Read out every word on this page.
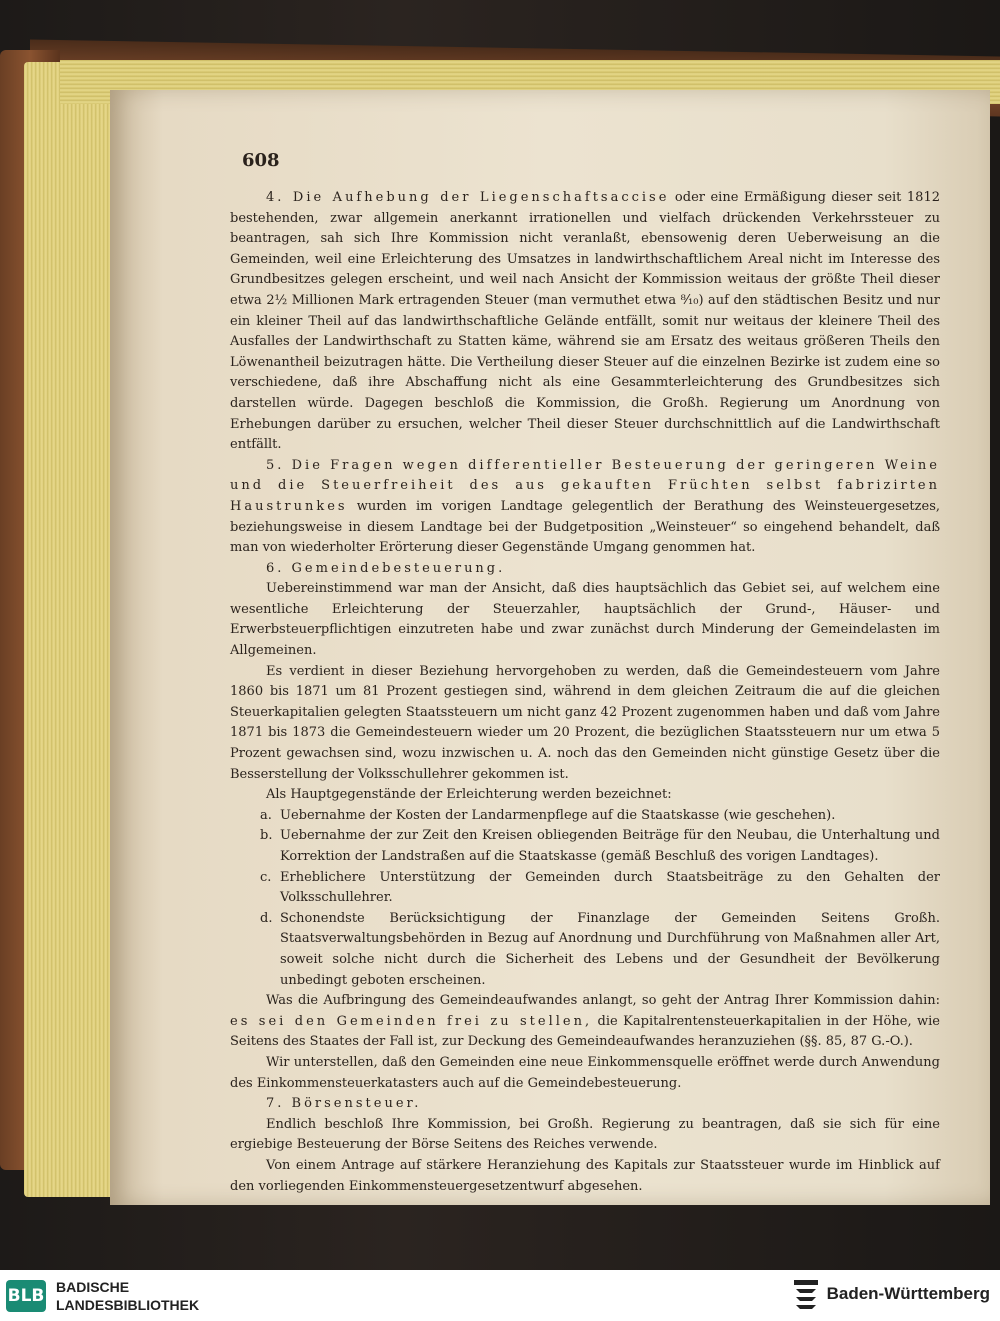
608

4. Die Aufhebung der Liegenschaftsaccise oder eine Ermäßigung dieser seit 1812 bestehenden, zwar allgemein anerkannt irrationellen und vielfach drückenden Verkehrssteuer zu beantragen, sah sich Ihre Kommission nicht veranlaßt, ebensowenig deren Ueberweisung an die Gemeinden, weil eine Erleichterung des Umsatzes in landwirthschaftlichem Areal nicht im Interesse des Grundbesitzes gelegen erscheint, und weil nach Ansicht der Kommission weitaus der größte Theil dieser etwa 2½ Millionen Mark ertragenden Steuer (man vermuthet etwa ⁸⁄₁₀) auf den städtischen Besitz und nur ein kleiner Theil auf das landwirthschaftliche Gelände entfällt, somit nur weitaus der kleinere Theil des Ausfalles der Landwirthschaft zu Statten käme, während sie am Ersatz des weitaus größeren Theils den Löwenantheil beizutragen hätte. Die Vertheilung dieser Steuer auf die einzelnen Bezirke ist zudem eine so verschiedene, daß ihre Abschaffung nicht als eine Gesammterleichterung des Grundbesitzes sich darstellen würde. Dagegen beschloß die Kommission, die Großh. Regierung um Anordnung von Erhebungen darüber zu ersuchen, welcher Theil dieser Steuer durchschnittlich auf die Landwirthschaft entfällt.

5. Die Fragen wegen differentieller Besteuerung der geringeren Weine und die Steuerfreiheit des aus gekauften Früchten selbst fabrizirten Haustrunkes wurden im vorigen Landtage gelegentlich der Berathung des Weinsteuergesetzes, beziehungsweise in diesem Landtage bei der Budgetposition „Weinsteuer“ so eingehend behandelt, daß man von wiederholter Erörterung dieser Gegenstände Umgang genommen hat.

6. Gemeindebesteuerung.

Uebereinstimmend war man der Ansicht, daß dies hauptsächlich das Gebiet sei, auf welchem eine wesentliche Erleichterung der Steuerzahler, hauptsächlich der Grund-, Häuser- und Erwerbsteuerpflichtigen einzutreten habe und zwar zunächst durch Minderung der Gemeindelasten im Allgemeinen.

Es verdient in dieser Beziehung hervorgehoben zu werden, daß die Gemeindesteuern vom Jahre 1860 bis 1871 um 81 Prozent gestiegen sind, während in dem gleichen Zeitraum die auf die gleichen Steuerkapitalien gelegten Staatssteuern um nicht ganz 42 Prozent zugenommen haben und daß vom Jahre 1871 bis 1873 die Gemeindesteuern wieder um 20 Prozent, die bezüglichen Staatssteuern nur um etwa 5 Prozent gewachsen sind, wozu inzwischen u. A. noch das den Gemeinden nicht günstige Gesetz über die Besserstellung der Volksschullehrer gekommen ist.

Als Hauptgegenstände der Erleichterung werden bezeichnet:

a. Uebernahme der Kosten der Landarmenpflege auf die Staatskasse (wie geschehen).
b. Uebernahme der zur Zeit den Kreisen obliegenden Beiträge für den Neubau, die Unterhaltung und Korrektion der Landstraßen auf die Staatskasse (gemäß Beschluß des vorigen Landtages).
c. Erheblichere Unterstützung der Gemeinden durch Staatsbeiträge zu den Gehalten der Volksschullehrer.
d. Schonendste Berücksichtigung der Finanzlage der Gemeinden Seitens Großh. Staatsverwaltungsbehörden in Bezug auf Anordnung und Durchführung von Maßnahmen aller Art, soweit solche nicht durch die Sicherheit des Lebens und der Gesundheit der Bevölkerung unbedingt geboten erscheinen.

Was die Aufbringung des Gemeindeaufwandes anlangt, so geht der Antrag Ihrer Kommission dahin: es sei den Gemeinden frei zu stellen, die Kapitalrentensteuerkapitalien in der Höhe, wie Seitens des Staates der Fall ist, zur Deckung des Gemeindeaufwandes heranzuziehen (§§. 85, 87 G.-O.).

Wir unterstellen, daß den Gemeinden eine neue Einkommensquelle eröffnet werde durch Anwendung des Einkommensteuerkatasters auch auf die Gemeindebesteuerung.

7. Börsensteuer.

Endlich beschloß Ihre Kommission, bei Großh. Regierung zu beantragen, daß sie sich für eine ergiebige Besteuerung der Börse Seitens des Reiches verwende.

Von einem Antrage auf stärkere Heranziehung des Kapitals zur Staatssteuer wurde im Hinblick auf den vorliegenden Einkommensteuergesetzentwurf abgesehen.

BLB BADISCHE
LANDESBIBLIOTHEK
Baden-Württemberg
